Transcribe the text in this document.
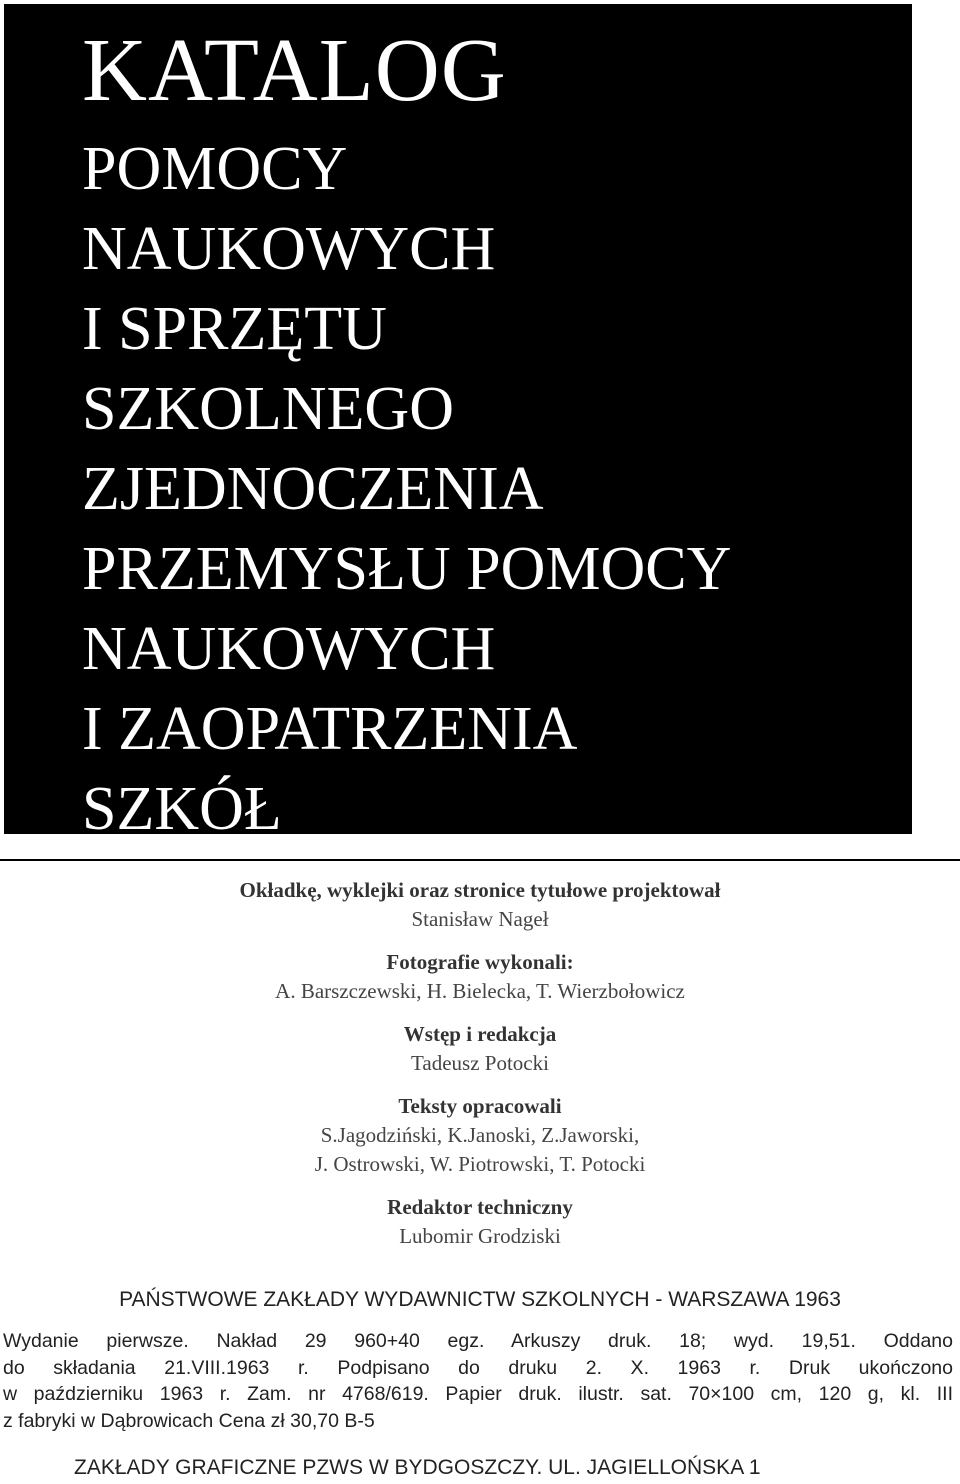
KATALOG
POMOCY
NAUKOWYCH
I SPRZĘTU
SZKOLNEGO
ZJEDNOCZENIA
PRZEMYSŁU POMOCY
NAUKOWYCH
I ZAOPATRZENIA
SZKÓŁ
Okładkę, wyklejki oraz stronice tytułowe projektował
Stanisław Nageł
Fotografie wykonali:
A. Barszczewski, H. Bielecka, T. Wierzbołowicz
Wstęp i redakcja
Tadeusz Potocki
Teksty opracowali
S.Jagodziński, K.Janoski, Z.Jaworski,
J. Ostrowski, W. Piotrowski, T. Potocki
Redaktor techniczny
Lubomir Grodziski
PAŃSTWOWE ZAKŁADY WYDAWNICTW SZKOLNYCH - WARSZAWA 1963
Wydanie pierwsze. Nakład 29 960+40 egz. Arkuszy druk. 18; wyd. 19,51. Oddano
do składania 21.VIII.1963 r. Podpisano do druku 2. X. 1963 r. Druk ukończono
w październiku 1963 r. Zam. nr 4768/619. Papier druk. ilustr. sat. 70×100 cm, 120 g, kl. III
z fabryki w Dąbrowicach Cena zł 30,70 B-5
ZAKŁADY GRAFICZNE PZWS W BYDGOSZCZY. UL. JAGIELLOŃSKA 1
